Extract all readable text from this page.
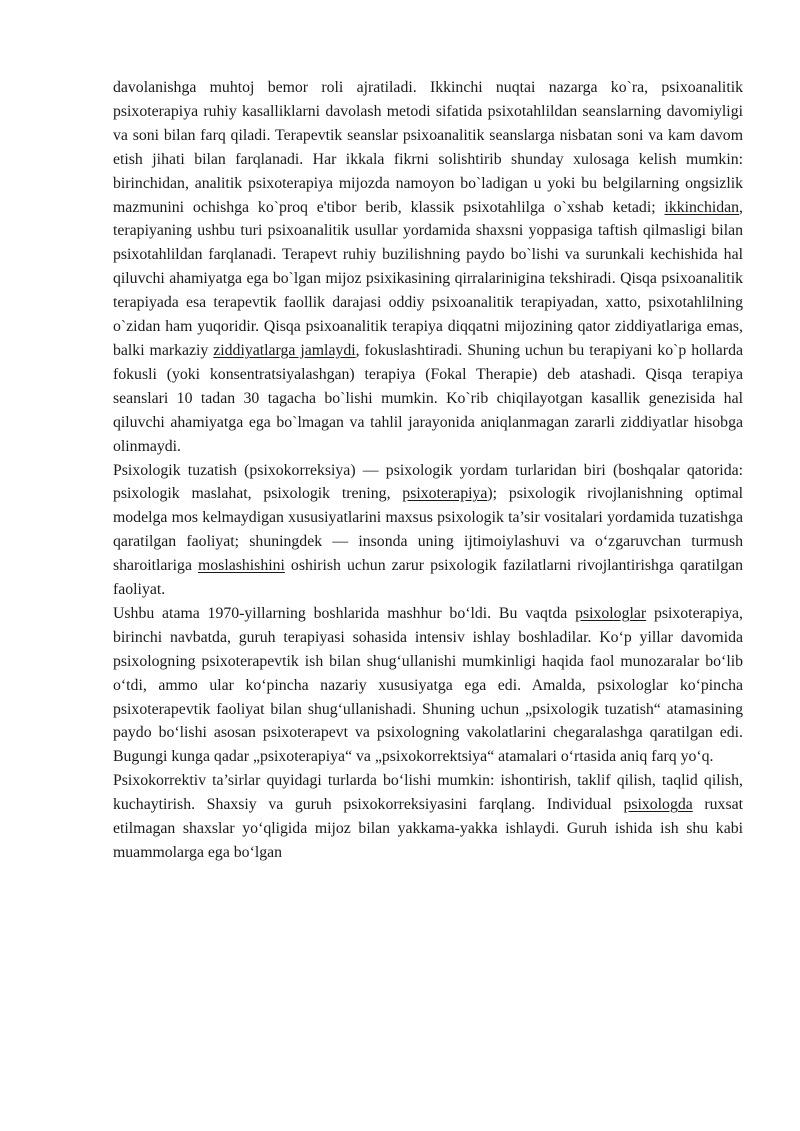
davolanishga muhtoj bemor roli ajratiladi. Ikkinchi nuqtai nazarga ko`ra, psixoanalitik psixoterapiya ruhiy kasalliklarni davolash metodi sifatida psixotahlildan seanslarning davomiyligi va soni bilan farq qiladi. Terapevtik seanslar psixoanalitik seanslarga nisbatan soni va kam davom etish jihati bilan farqlanadi. Har ikkala fikrni solishtirib shunday xulosaga kelish mumkin: birinchidan, analitik psixoterapiya mijozda namoyon bo`ladigan u yoki bu belgilarning ongsizlik mazmunini ochishga ko`proq e'tibor berib, klassik psixotahlilga o`xshab ketadi; ikkinchidan, terapiyaning ushbu turi psixoanalitik usullar yordamida shaxsni yoppasiga taftish qilmasligi bilan psixotahlildan farqlanadi. Terapevt ruhiy buzilishning paydo bo`lishi va surunkali kechishida hal qiluvchi ahamiyatga ega bo`lgan mijoz psixikasining qirralarinigina tekshiradi. Qisqa psixoanalitik terapiyada esa terapevtik faollik darajasi oddiy psixoanalitik terapiyadan, xatto, psixotahlilning o`zidan ham yuqoridir. Qisqa psixoanalitik terapiya diqqatni mijozining qator ziddiyatlariga emas, balki markaziy ziddiyatlarga jamlaydi, fokuslashtiradi. Shuning uchun bu terapiyani ko`p hollarda fokusli (yoki konsentratsiyalashgan) terapiya (Fokal Therapie) deb atashadi. Qisqa terapiya seanslari 10 tadan 30 tagacha bo`lishi mumkin. Ko`rib chiqilayotgan kasallik genezisida hal qiluvchi ahamiyatga ega bo`lmagan va tahlil jarayonida aniqlanmagan zararli ziddiyatlar hisobga olinmaydi.

Psixologik tuzatish (psixokorreksiya) — psixologik yordam turlaridan biri (boshqalar qatorida: psixologik maslahat, psixologik trening, psixoterapiya); psixologik rivojlanishning optimal modelga mos kelmaydigan xususiyatlarini maxsus psixologik ta’sir vositalari yordamida tuzatishga qaratilgan faoliyat; shuningdek — insonda uning ijtimoiylashuvi va o‘zgaruvchan turmush sharoitlariga moslashishini oshirish uchun zarur psixologik fazilatlarni rivojlantirishga qaratilgan faoliyat.

Ushbu atama 1970-yillarning boshlarida mashhur bo‘ldi. Bu vaqtda psixologlar psixoterapiya, birinchi navbatda, guruh terapiyasi sohasida intensiv ishlay boshladilar. Ko‘p yillar davomida psixologning psixoterapevtik ish bilan shug‘ullanishi mumkinligi haqida faol munozaralar bo‘lib o‘tdi, ammo ular ko‘pincha nazariy xususiyatga ega edi. Amalda, psixologlar ko‘pincha psixoterapevtik faoliyat bilan shug‘ullanishadi. Shuning uchun „psixologik tuzatish“ atamasining paydo bo‘lishi asosan psixoterapevt va psixologning vakolatlarini chegaralashga qaratilgan edi. Bugungi kunga qadar „psixoterapiya“ va „psixokorrektsiya“ atamalari o‘rtasida aniq farq yo‘q.

Psixokorrektiv ta’sirlar quyidagi turlarda bo‘lishi mumkin: ishontirish, taklif qilish, taqlid qilish, kuchaytirish. Shaxsiy va guruh psixokorreksiyasini farqlang. Individual psixologda ruxsat etilmagan shaxslar yo‘qligida mijoz bilan yakkama-yakka ishlaydi. Guruh ishida ish shu kabi muammolarga ega bo‘lgan
